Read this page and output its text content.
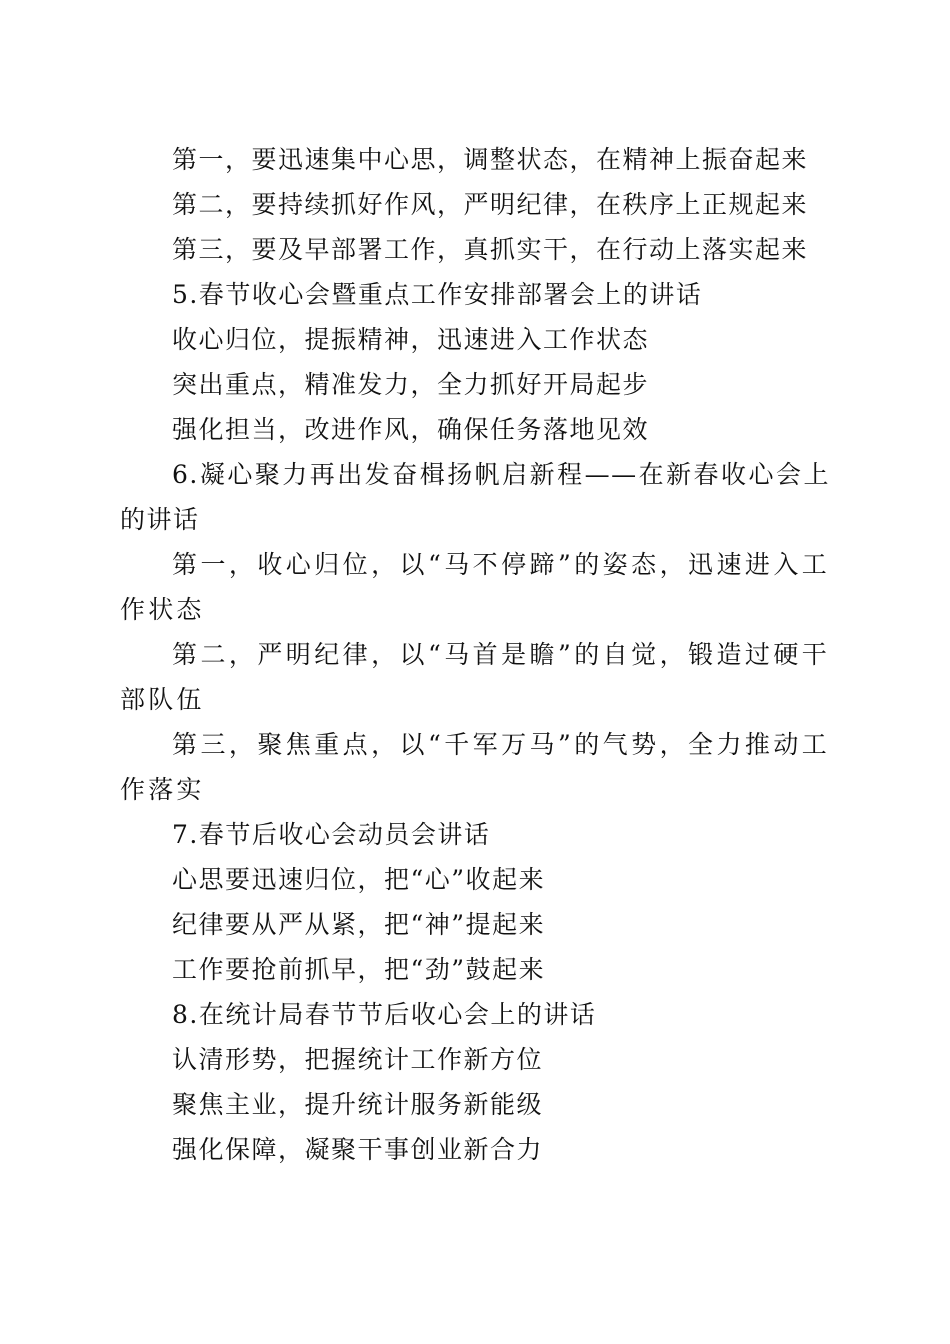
第一，要迅速集中心思，调整状态，在精神上振奋起来

第二，要持续抓好作风，严明纪律，在秩序上正规起来

第三，要及早部署工作，真抓实干，在行动上落实起来

5.春节收心会暨重点工作安排部署会上的讲话

收心归位，提振精神，迅速进入工作状态

突出重点，精准发力，全力抓好开局起步

强化担当，改进作风，确保任务落地见效

6.凝心聚力再出发奋楫扬帆启新程——在新春收心会上的讲话

第一，收心归位，以“马不停蹄”的姿态，迅速进入工作状态

第二，严明纪律，以“马首是瞻”的自觉，锻造过硬干部队伍

第三，聚焦重点，以“千军万马”的气势，全力推动工作落实

7.春节后收心会动员会讲话

心思要迅速归位，把“心”收起来

纪律要从严从紧，把“神”提起来

工作要抢前抓早，把“劲”鼓起来

8.在统计局春节节后收心会上的讲话

认清形势，把握统计工作新方位

聚焦主业，提升统计服务新能级

强化保障，凝聚干事创业新合力
